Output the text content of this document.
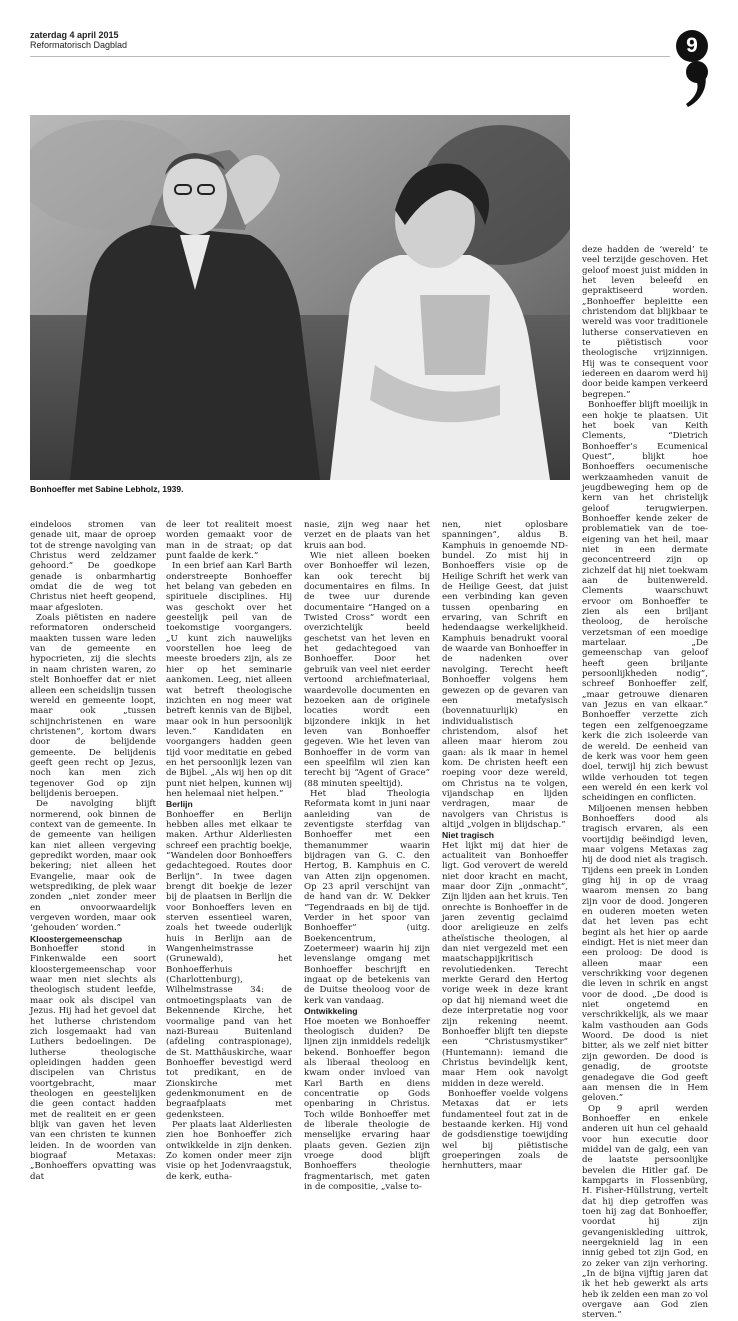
zaterdag 4 april 2015
Reformatorisch Dagblad	9
Bonhoeffer met Sabine Lebholz, 1939.

eindeloos stromen van genade uit, maar de oproep tot de strenge navolging van Christus werd zeldzamer gehoord.” De goedkope genade is onbarmhartig omdat die de weg tot Christus niet heeft geopend, maar afgesloten.

Zoals piëtisten en nadere reformatoren onderscheid maakten tussen ware leden van de gemeente en hypocrieten, zij die slechts in naam christen waren, zo stelt Bonhoeffer dat er niet alleen een scheidslijn tussen wereld en gemeente loopt, maar ook „tussen schijnchristenen en ware christenen”, kortom dwars door de belijdende gemeente. De belijdenis geeft geen recht op Jezus, noch kan men zich tegenover God op zijn belijdenis beroepen.

De navolging blijft normerend, ook binnen de context van de gemeente. In de gemeente van heiligen kan niet alleen vergeving gepredikt worden, maar ook bekering; niet alleen het Evangelie, maar ook de wetsprediking, de plek waar zonden „niet zonder meer en onvoorwaardelijk vergeven worden, maar ook ‘gehouden’ worden.”

Kloostergemeenschap

Bonhoeffer stond in Finkenwalde een soort kloostergemeenschap voor waar men niet slechts als theologisch student leefde, maar ook als discipel van Jezus. Hij had het gevoel dat het lutherse christendom zich losgemaakt had van Luthers bedoelingen. De lutherse theologische opleidingen hadden geen discipelen van Christus voortgebracht, maar theologen en geestelijken die geen contact hadden met de realiteit en er geen blijk van gaven het leven van een christen te kunnen leiden. In de woorden van biograaf Metaxas: „Bonhoeffers opvatting was dat

de leer tot realiteit moest worden gemaakt voor de man in de straat; op dat punt faalde de kerk.”

In een brief aan Karl Barth onderstreepte Bonhoeffer het belang van gebeden en spirituele disciplines. Hij was geschokt over het geestelijk peil van de toekomstige voorgangers. „U kunt zich nauwelijks voorstellen hoe leeg de meeste broeders zijn, als ze hier op het seminarie aankomen. Leeg, niet alleen wat betreft theologische inzichten en nog meer wat betreft kennis van de Bijbel, maar ook in hun persoonlijk leven.” Kandidaten en voorgangers hadden geen tijd voor meditatie en gebed en het persoonlijk lezen van de Bijbel. „Als wij hen op dit punt niet helpen, kunnen wij hen helemaal niet helpen.”

Berlijn

Bonhoeffer en Berlijn hebben alles met elkaar te maken. Arthur Alderliesten schreef een prachtig boekje, “Wandelen door Bonhoeffers gedachtegoed. Routes door Berlijn”. In twee dagen brengt dit boekje de lezer bij de plaatsen in Berlijn die voor Bonhoeffers leven en sterven essentieel waren, zoals het tweede ouderlijk huis in Berlijn aan de Wangenheimstrasse (Grunewald), het Bonhoefferhuis (Charlottenburg), Wilhelmstrasse 34: de ontmoetingsplaats van de Bekennende Kirche, het voormalige pand van het nazi-Bureau Buitenland (afdeling contraspionage), de St. Matthäuskirche, waar Bonhoeffer bevestigd werd tot predikant, en de Zionskirche met gedenkmonument en de begraafplaats met gedenksteen.

Per plaats laat Alderliesten zien hoe Bonhoeffer zich ontwikkelde in zijn denken. Zo komen onder meer zijn visie op het Jodenvraagstuk, de kerk, eutha-

nasie, zijn weg naar het verzet en de plaats van het kruis aan bod.

Wie niet alleen boeken over Bonhoeffer wil lezen, kan ook terecht bij documentaires en films. In de twee uur durende documentaire “Hanged on a Twisted Cross” wordt een overzichtelijk beeld geschetst van het leven en het gedachtegoed van Bonhoeffer. Door het gebruik van veel niet eerder vertoond archiefmateriaal, waardevolle documenten en bezoeken aan de originele locaties wordt een bijzondere inkijk in het leven van Bonhoeffer gegeven. Wie het leven van Bonhoeffer in de vorm van een speelfilm wil zien kan terecht bij “Agent of Grace” (88 minuten speeltijd).

Het blad Theologia Reformata komt in juni naar aanleiding van de zeventigste sterfdag van Bonhoeffer met een themanummer waarin bijdragen van G. C. den Hertog, B. Kamphuis en C. van Atten zijn opgenomen. Op 23 april verschijnt van de hand van dr. W. Dekker “Tegendraads en bij de tijd. Verder in het spoor van Bonhoeffer” (uitg. Boekencentrum, Zoetermeer) waarin hij zijn levenslange omgang met Bonhoeffer beschrijft en ingaat op de betekenis van de Duitse theoloog voor de kerk van vandaag.

Ontwikkeling

Hoe moeten we Bonhoeffer theologisch duiden? De lijnen zijn inmiddels redelijk bekend. Bonhoeffer begon als liberaal theoloog en kwam onder invloed van Karl Barth en diens concentratie op Gods openbaring in Christus. Toch wilde Bonhoeffer met de liberale theologie de menselijke ervaring haar plaats geven. Gezien zijn vroege dood blijft Bonhoeffers theologie fragmentarisch, met gaten in de compositie, „valse to-

nen, niet oplosbare spanningen”, aldus B. Kamphuis in genoemde ND-bundel. Zo mist hij in Bonhoeffers visie op de Heilige Schrift het werk van de Heilige Geest, dat juist een verbinding kan geven tussen openbaring en ervaring, van Schrift en hedendaagse werkelijkheid. Kamphuis benadrukt vooral de waarde van Bonhoeffer in de nadenken over navolging. Terecht heeft Bonhoeffer volgens hem gewezen op de gevaren van een metafysisch (bovennatuurlijk) en individualistisch christendom, alsof het alleen maar hierom zou gaan: als ik maar in hemel kom. De christen heeft een roeping voor deze wereld, om Christus na te volgen, vijandschap en lijden verdragen, maar de navolgers van Christus is altijd „volgen in blijdschap.”

Niet tragisch

Het lijkt mij dat hier de actualiteit van Bonhoeffer ligt. God verovert de wereld niet door kracht en macht, maar door Zijn „onmacht”, Zijn lijden aan het kruis. Ten onrechte is Bonhoeffer in de jaren zeventig geclaimd door areligieuze en zelfs atheïstische theologen, al dan niet vergezeld met een maatschappijkritisch revolutiedenken. Terecht merkte Gerard den Hertog vorige week in deze krant op dat hij niemand weet die deze interpretatie nog voor zijn rekening neemt. Bonhoeffer blijft ten diepste een “Christusmystiker” (Huntemann): iemand die Christus bevindelijk kent, maar Hem ook navolgt midden in deze wereld.

Bonhoeffer voelde volgens Metaxas dat er iets fundamenteel fout zat in de bestaande kerken. Hij vond de godsdienstige toewijding wel bij piëtistische groeperingen zoals de hernhutters, maar

deze hadden de ‘wereld’ te veel terzijde geschoven. Het geloof moest juist midden in het leven beleefd en gepraktiseerd worden. „Bonhoeffer bepleitte een christendom dat blijkbaar te wereld was voor traditionele lutherse conservatieven en te piëtistisch voor theologische vrijzinnigen. Hij was te consequent voor iedereen en daarom werd hij door beide kampen verkeerd begrepen.”

Bonhoeffer blijft moeilijk in een hokje te plaatsen. Uit het boek van Keith Clements, “Dietrich Bonhoeffer’s Ecumenical Quest”, blijkt hoe Bonhoeffers oecumenische werkzaamheden vanuit de jeugdbeweging hem op de kern van het christelijk geloof terugwierpen. Bonhoeffer kende zeker de problematiek van de toe-eigening van het heil, maar niet in een dermate geconcentreerd zijn op zichzelf dat hij niet toekwam aan de buitenwereld. Clements waarschuwt ervoor om Bonhoeffer te zien als een briljant theoloog, de heroïsche verzetsman of een moedige martelaar. „De gemeenschap van geloof heeft geen briljante persoonlijkheden nodig”, schreef Bonhoeffer zelf, „maar getrouwe dienaren van Jezus en van elkaar.” Bonhoeffer verzette zich tegen een zelfgenoegzame kerk die zich isoleerde van de wereld. De eenheid van de kerk was voor hem geen doel, terwijl hij zich bewust wilde verhouden tot tegen een wereld én een kerk vol scheidingen en conflicten.

Miljoenen mensen hebben Bonhoeffers dood als tragisch ervaren, als een voortijdig beëindigd leven, maar volgens Metaxas zag hij de dood niet als tragisch. Tijdens een preek in Londen ging hij in op de vraag waarom mensen zo bang zijn voor de dood. Jongeren en ouderen moeten weten dat het leven pas echt begint als het hier op aarde eindigt. Het is niet meer dan een proloog: De dood is alleen maar een verschrikking voor degenen die leven in schrik en angst voor de dood. „De dood is niet ongetemd en verschrikkelijk, als we maar kalm vasthouden aan Gods Woord. De dood is niet bitter, als we zelf niet bitter zijn geworden. De dood is genadig, de grootste genadegave die God geeft aan mensen die in Hem geloven.”

Op 9 april werden Bonhoeffer en enkele anderen uit hun cel gehaald voor hun executie door middel van de galg, een van de laatste persoonlijke bevelen die Hitler gaf. De kampgarts in Flossenbürg, H. Fisher-Hüllstrung, vertelt dat hij diep getroffen was toen hij zag dat Bonhoeffer, voordat hij zijn gevangeniskleding uittrok, neergeknield lag in een innig gebed tot zijn God, en zo zeker van zijn verhoring. „In de bijna vijftig jaren dat ik het heb gewerkt als arts heb ik zelden een man zo vol overgave aan God zien sterven.”
